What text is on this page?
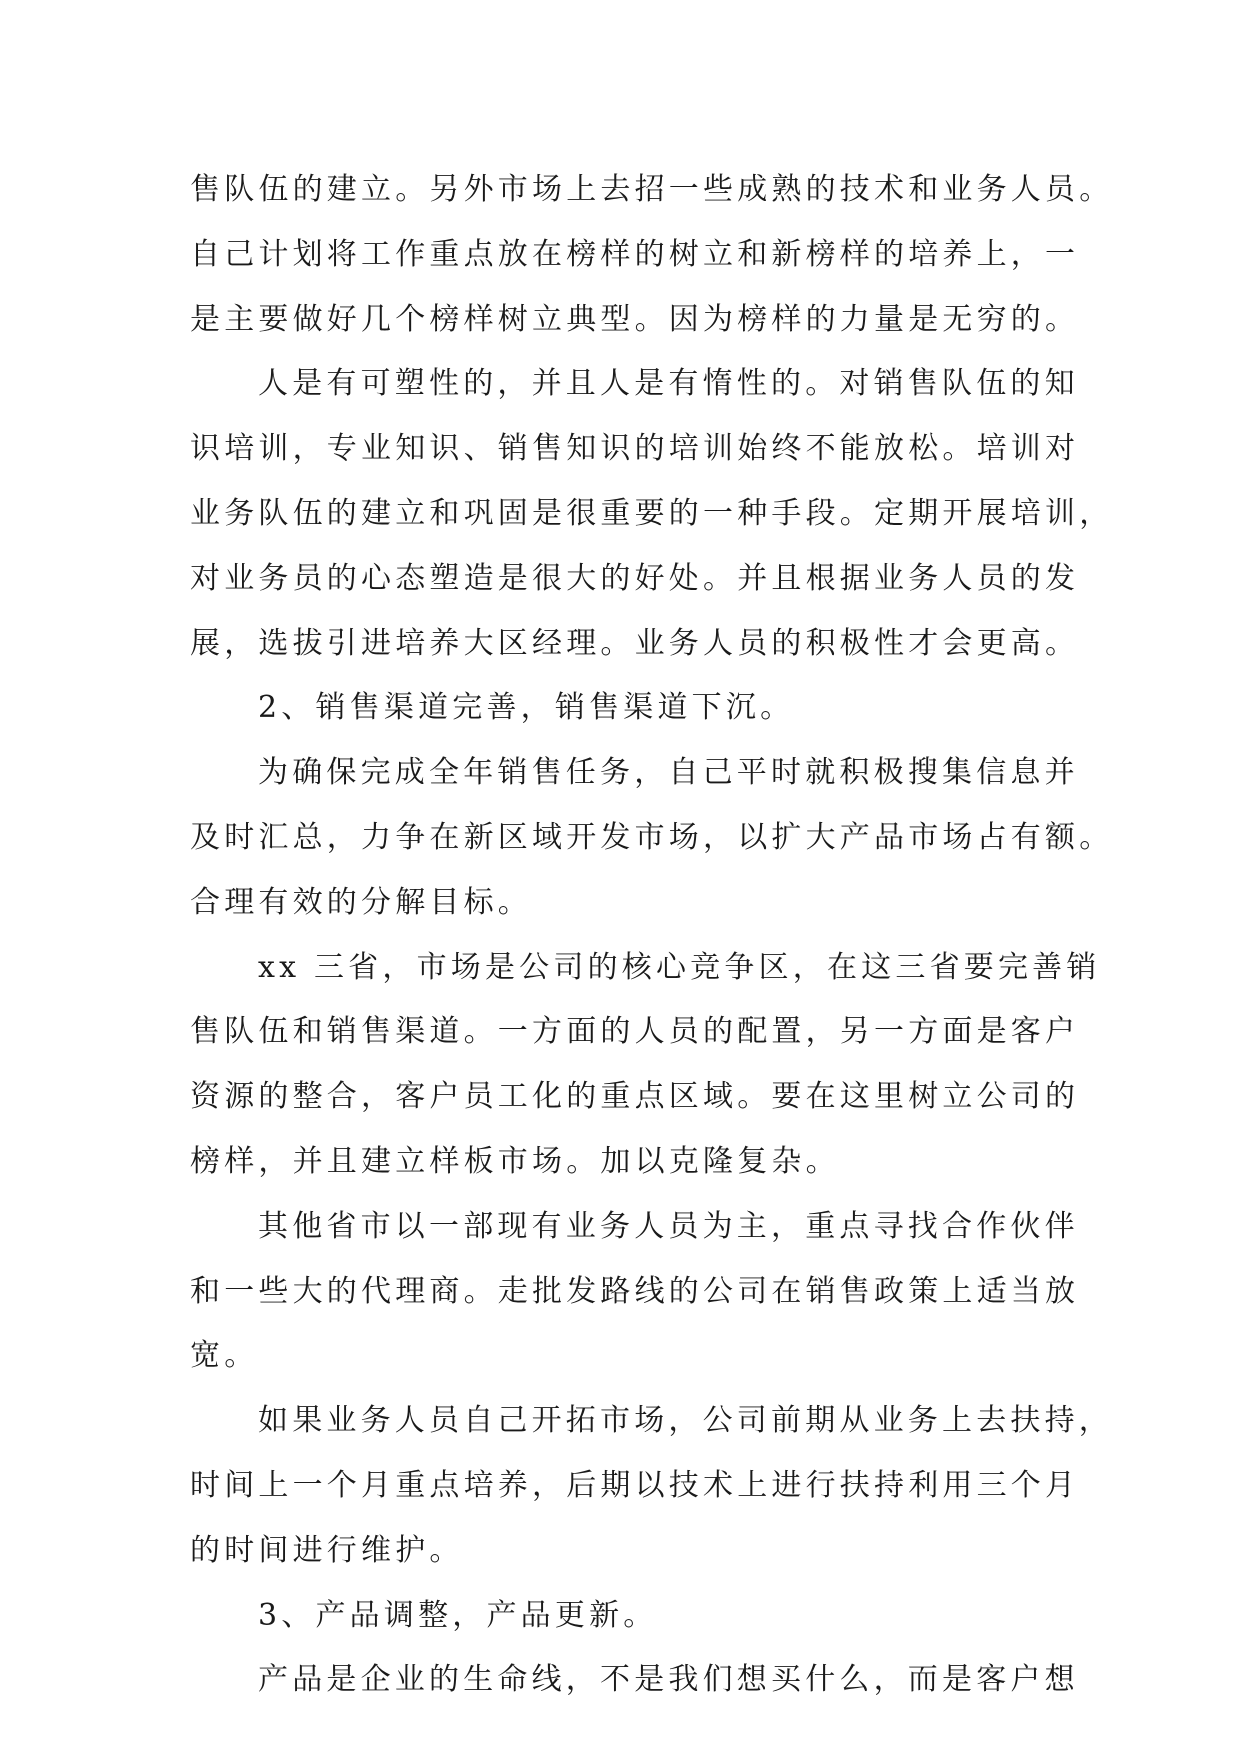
售队伍的建立。另外市场上去招一些成熟的技术和业务人员。
自己计划将工作重点放在榜样的树立和新榜样的培养上，一
是主要做好几个榜样树立典型。因为榜样的力量是无穷的。
人是有可塑性的，并且人是有惰性的。对销售队伍的知
识培训，专业知识、销售知识的培训始终不能放松。培训对
业务队伍的建立和巩固是很重要的一种手段。定期开展培训，
对业务员的心态塑造是很大的好处。并且根据业务人员的发
展，选拔引进培养大区经理。业务人员的积极性才会更高。
2、销售渠道完善，销售渠道下沉。
为确保完成全年销售任务，自己平时就积极搜集信息并
及时汇总，力争在新区域开发市场，以扩大产品市场占有额。
合理有效的分解目标。
xx 三省，市场是公司的核心竞争区，在这三省要完善销
售队伍和销售渠道。一方面的人员的配置，另一方面是客户
资源的整合，客户员工化的重点区域。要在这里树立公司的
榜样，并且建立样板市场。加以克隆复杂。
其他省市以一部现有业务人员为主，重点寻找合作伙伴
和一些大的代理商。走批发路线的公司在销售政策上适当放
宽。
如果业务人员自己开拓市场，公司前期从业务上去扶持，
时间上一个月重点培养，后期以技术上进行扶持利用三个月
的时间进行维护。
3、产品调整，产品更新。
产品是企业的生命线，不是我们想买什么，而是客户想
